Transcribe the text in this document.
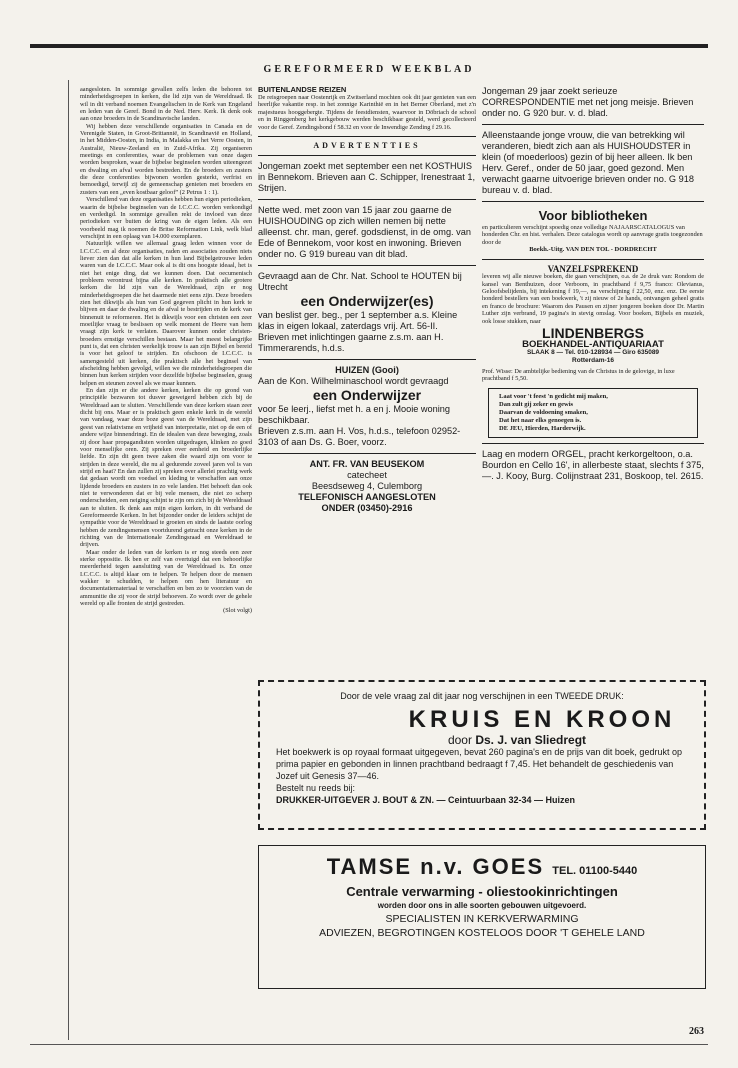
GEREFORMEERD WEEKBLAD

aangesloten. In sommige gevallen zelfs leden die behoren tot minderheidsgroepen in kerken, die lid zijn van de Wereldraad. Ik wil in dit verband noemen Evangelischen in de Kerk van Engeland en leden van de Geref. Bond in de Ned. Herv. Kerk. Ik denk ook aan onze broeders in de Scandinavische landen.

Wij hebben deze verschillende organisaties in Canada en de Verenigde Staten, in Groot-Brittannië, in Scandinavië en Holland, in het Midden-Oosten, in India, in Malakka en het Verre Oosten, in Australië, Nieuw-Zeeland en in Zuid-Afrika. Zij organiseren meetings en conferenties, waar de problemen van onze dagen worden besproken, waar de bijbelse beginselen worden uiteengezet en dwaling en afval worden bestreden. En de broeders en zusters die deze conferenties bijwonen worden gesterkt, verfrist en bemoedigd, terwijl zij de gemeenschap genieten met broeders en zusters van een „even kostbaar geloof” (2 Petrus 1 : 1).

Verschillend van deze organisaties hebben hun eigen periodieken, waarin de bijbelse beginselen van de I.C.C.C. worden verkondigd en verdedigd. In sommige gevallen rekt de invloed van deze periodieken ver buiten de kring van de eigen leden. Als een voorbeeld mag ik noemen de Britse Reformation Link, welk blad verschijnt in een oplaag van 14.000 exemplaren.

Natuurlijk willen we allemaal graag leden winnen voor de I.C.C.C. en al deze organisaties, raden en associaties zouden niets liever zien dan dat alle kerken in hun land Bijbelgetrouwe leden waren van de I.C.C.C. Maar ook al is dit ons hoogste ideaal, het is niet het enige ding, dat we kunnen doen. Dat oecumenisch probleem verontrust bijna alle kerken. In praktisch alle grotere kerken die lid zijn van de Wereldraad, zijn er nog minderheidsgroepen die het daarmede niet eens zijn. Deze broeders zien het dikwijls als hun van God gegeven plicht in hun kerk te blijven en daar de dwaling en de afval te bestrijden en de kerk van binnenuit te reformeren. Het is dikwijls voor een christen een zeer moeilijke vraag te beslissen op welk moment de Heere van hem vraagt zijn kerk te verlaten. Daarover kunnen onder christen-broeders ernstige verschillen bestaan. Maar het meest belangrijke punt is, dat een christen werkelijk trouw is aan zijn Bijbel en bereid is voor het geloof te strijden. En ofschoon de I.C.C.C. is samengesteld uit kerken, die praktisch alle het beginsel van afscheiding hebben gevolgd, willen we die minderheidsgroepen die binnen hun kerken strijden voor dezelfde bijbelse beginselen, graag helpen en steunen zoveel als we maar kunnen.

En dan zijn er die andere kerken, kerken die op grond van principiële bezwaren tot dusver geweigerd hebben zich bij de Wereldraad aan te sluiten. Verschillende van deze kerken staan zeer dicht bij ons. Maar er is praktisch geen enkele kerk in de wereld van vandaag, waar deze boze geest van de Wereldraad, met zijn geest van relativisme en vrijheid van interpretatie, niet op de een of andere wijze binnendringt. En de idealen van deze beweging, zoals zij door haar propagandisten worden uitgedragen, klinken zo goed voor menselijke oren. Zij spreken over eenheid en broederlijke liefde. En zijn dit geen twee zaken die waard zijn om voor te strijden in deze wereld, die nu al gedurende zoveel jaren vol is van strijd en haat? En dan zullen zij spreken over allerlei prachtig werk dat gedaan wordt om voedsel en kleding te verschaffen aan onze lijdende broeders en zusters in zo vele landen. Het behoeft dan ook niet te verwonderen dat er bij vele mensen, die niet zo scherp onderscheiden, een neiging schijnt te zijn om zich bij de Wereldraad aan te sluiten. Ik denk aan mijn eigen kerken, in dit verband de Gereformeerde Kerken. In het bijzonder onder de leiders schijnt de sympathie voor de Wereldraad te groeien en sinds de laatste oorlog hebben de zendingsmensen voortdurend getracht onze kerken in de richting van de Internationale Zendingsraad en Wereldraad te drijven.

Maar onder de leden van de kerken is er nog steeds een zeer sterke oppositie. Ik ben er zelf van overtuigd dat een behoorlijke meerderheid tegen aansluiting van de Wereldraad is. En onze I.C.C.C. is altijd klaar om te helpen. Te helpen door de mensen wakker te schudden, te helpen om hen literatuur en documentatiemateriaal te verschaffen en ben zo te voorzien van de ammunitie die zij voor de strijd behoeven. Zo wordt over de gehele wereld op alle fronten de strijd gestreden.

(Slot volgt)
BUITENLANDSE REIZEN
De reisgroepen naar Oostenrijk en Zwitserland mochten ook dit jaar genieten van een heerlijke vakantie resp. in het zonnige Karinthië en in het Berner Oberland, met z'n majestueus hooggebergte. Tijdens de feestdiensten, waarvoor in Döbriach de school en in Ringgenberg het kerkgebouw werden beschikbaar gesteld, werd gecollecteerd voor de Geref. Zendingsbond f 58.32 en voor de Inwendige Zending f 29.16.
ADVERTENTTIES
Jongeman zoekt met september een net KOSTHUIS in Bennekom. Brieven aan C. Schipper, Irenestraat 1, Strijen.
Nette wed. met zoon van 15 jaar zou gaarne de HUISHOUDING op zich willen nemen bij nette alleenst. chr. man, geref. godsdienst, in de omg. van Ede of Bennekom, voor kost en inwoning. Brieven onder no. G 919 bureau van dit blad.
Gevraagd aan de Chr. Nat. School te HOUTEN bij Utrecht
een Onderwijzer(es)
van beslist ger. beg., per 1 september a.s. Kleine klas in eigen lokaal, zaterdags vrij. Art. 56-II.
Brieven met inlichtingen gaarne z.s.m. aan H. Timmerarends, h.d.s.
HUIZEN (Gooi)
Aan de Kon. Wilhelminaschool wordt gevraagd
een Onderwijzer
voor 5e leerj., liefst met h. a en j. Mooie woning beschikbaar.
Brieven z.s.m. aan H. Vos, h.d.s., telefoon 02952-3103 of aan Ds. G. Boer, voorz.
ANT. FR. VAN BEUSEKOM
catecheet
Beesdseweg 4, Culemborg
TELEFONISCH AANGESLOTEN
ONDER (03450)-2916
Jongeman 29 jaar zoekt serieuze CORRESPONDENTIE met net jong meisje. Brieven onder no. G 920 bur. v. d. blad.
Alleenstaande jonge vrouw, die van betrekking wil veranderen, biedt zich aan als HUISHOUDSTER in klein (of moederloos) gezin of bij heer alleen. Ik ben Herv. Geref., onder de 50 jaar, goed gezond. Men verwacht gaarne uitvoerige brieven onder no. G 918 bureau v. d. blad.
Voor bibliotheken
en particulieren verschijnt spoedig onze volledige NAJAARSCATALOGUS van honderden Chr. en hist. verhalen. Deze catalogus wordt op aanvrage gratis toegezonden door de
Boekh.-Uitg. VAN DEN TOL - DORDRECHT
VANZELFSPREKEND
leveren wij alle nieuwe boeken, die gaan verschijnen, o.a. de 2e druk van: Rondom de kansel van Benthuizen, door Verboom, in prachtband f 9,75 franco: Olevianus, Geloofsbelijdenis, bij intekening f 19,—, na verschijning f 22,50, enz. enz. De eerste honderd bestellers van een boekwerk, 't zij nieuw of 2e hands, ontvangen geheel gratis en franco de brochure: Waarom des Pausen en zijner jongeren boeken door Dr. Martin Luther zijn verbrand, 19 pagina's in stevig omslag. Voor boeken, Bijbels en muziek, ook losse stukken, naar
LINDENBERGS
BOEKHANDEL-ANTIQUARIAAT
SLAAK 8 — Tel. 010-128934 — Giro 635089
Rotterdam-16
Prof. Wisse: De ambtelijke bediening van de Christus in de gelovige, in luxe prachtband f 5,50.
Laat voor 't feest 'n gedicht mij maken,
Dan zult gij zeker en gewis
Daarvan de voldoening smaken,
Dat het naar elks genoegen is.
DE JEU, Hierden, Harderwijk.
Laag en modern ORGEL, pracht kerkorgeltoon, o.a. Bourdon en Cello 16', in allerbeste staat, slechts f 375,—. J. Kooy, Burg. Colijnstraat 231, Boskoop, tel. 2615.
Door de vele vraag zal dit jaar nog verschijnen in een TWEEDE DRUK:
KRUIS EN KROON
door Ds. J. van Sliedregt
Het boekwerk is op royaal formaat uitgegeven, bevat 260 pagina's en de prijs van dit boek, gedrukt op prima papier en gebonden in linnen prachtband bedraagt f 7,45. Het behandelt de geschiedenis van Jozef uit Genesis 37—46.
Bestelt nu reeds bij:
DRUKKER-UITGEVER J. BOUT & ZN. — Ceintuurbaan 32-34 — Huizen
TAMSE n.v. GOES TEL. 01100-5440
Centrale verwarming - oliestookinrichtingen
worden door ons in alle soorten gebouwen uitgevoerd.
SPECIALISTEN IN KERKVERWARMING
ADVIEZEN, BEGROTINGEN KOSTELOOS DOOR 'T GEHELE LAND
263
